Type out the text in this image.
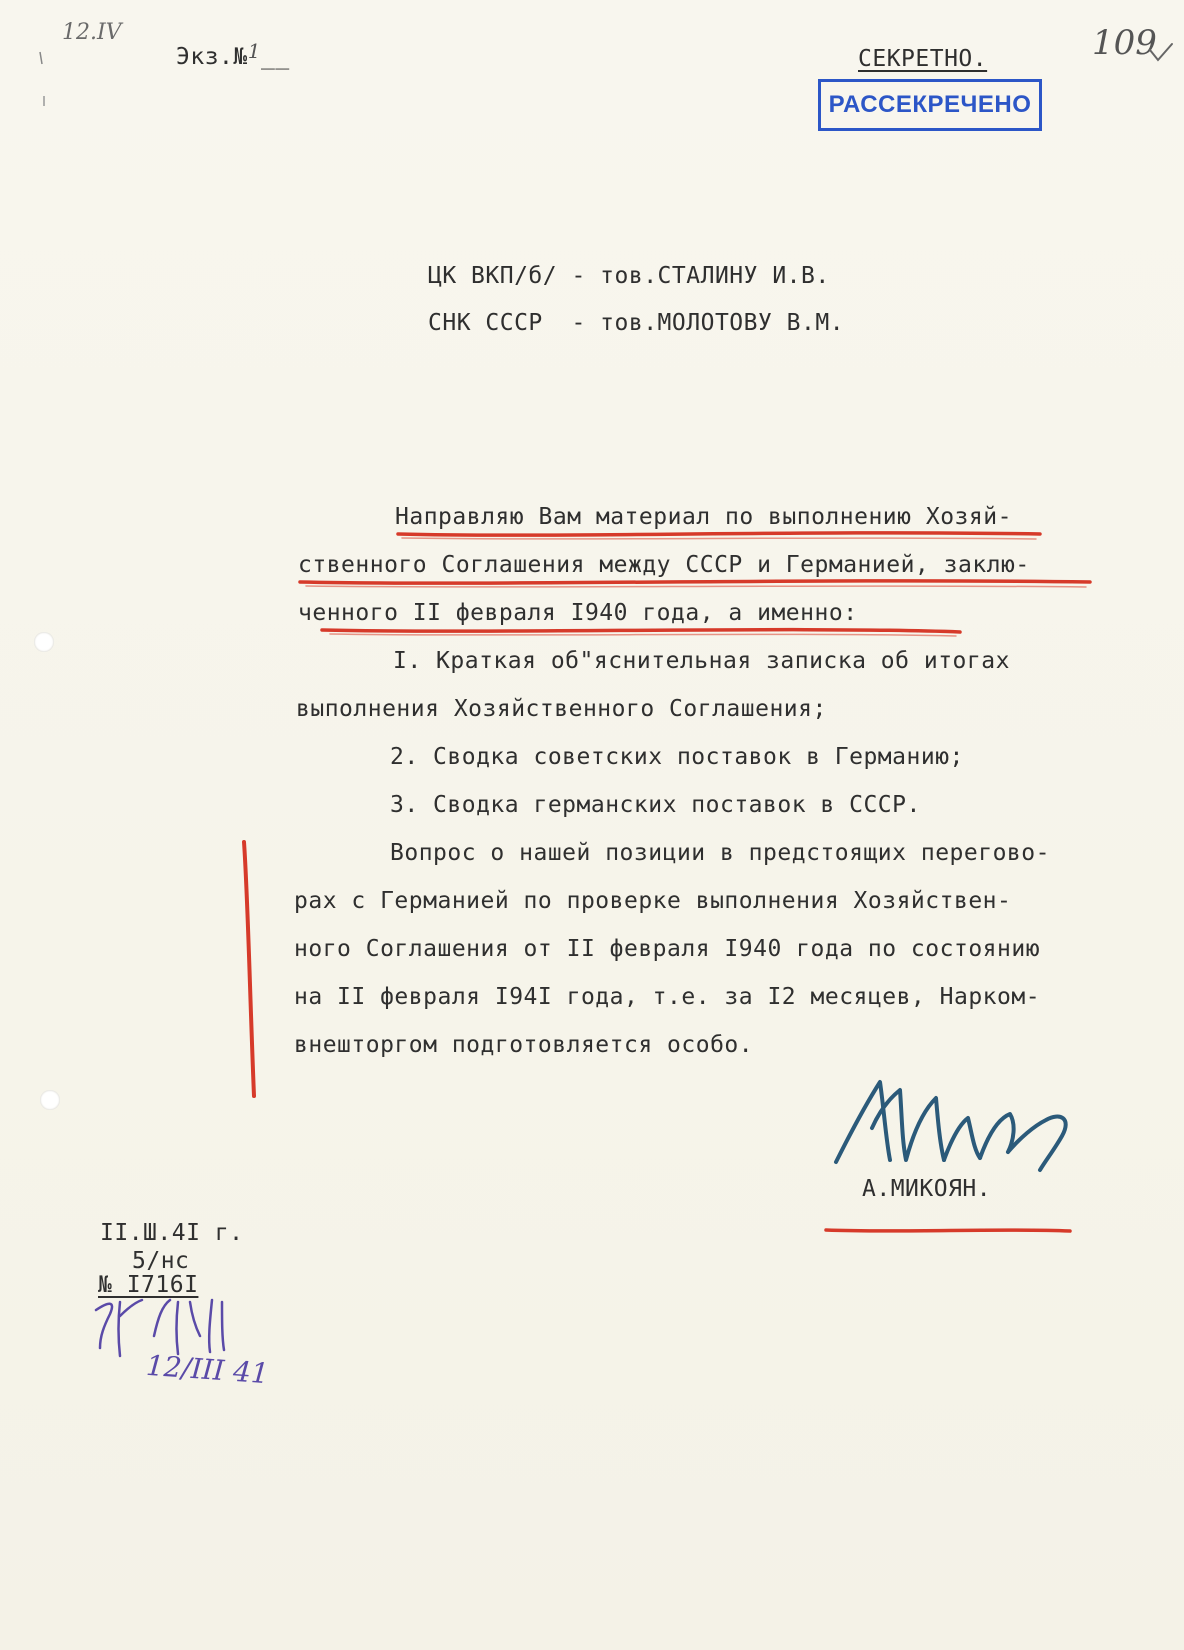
12.IV
Экз.№1__	СЕКРЕТНО.	109
РАССЕКРЕЧЕНО
ЦК ВКП/б/ - тов.СТАЛИНУ И.В.
СНК СССР  - тов.МОЛОТОВУ В.М.
Направляю Вам материал по выполнению Хозяй-
ственного Соглашения между СССР и Германией, заклю-
ченного II февраля I940 года, а именно:
I. Краткая об"яснительная записка об итогах
выполнения Хозяйственного Соглашения;
2. Сводка советских поставок в Германию;
3. Сводка германских поставок в СССР.
Вопрос о нашей позиции в предстоящих перегово-
рах с Германией по проверке выполнения Хозяйствен-
ного Соглашения от II февраля I940 года по состоянию
на II февраля I94I года, т.е. за I2 месяцев, Нарком-
внешторгом подготовляется особо.
А.МИКОЯН.
II.Ш.4I г.
5/нс
№ I716I
12/III 41
